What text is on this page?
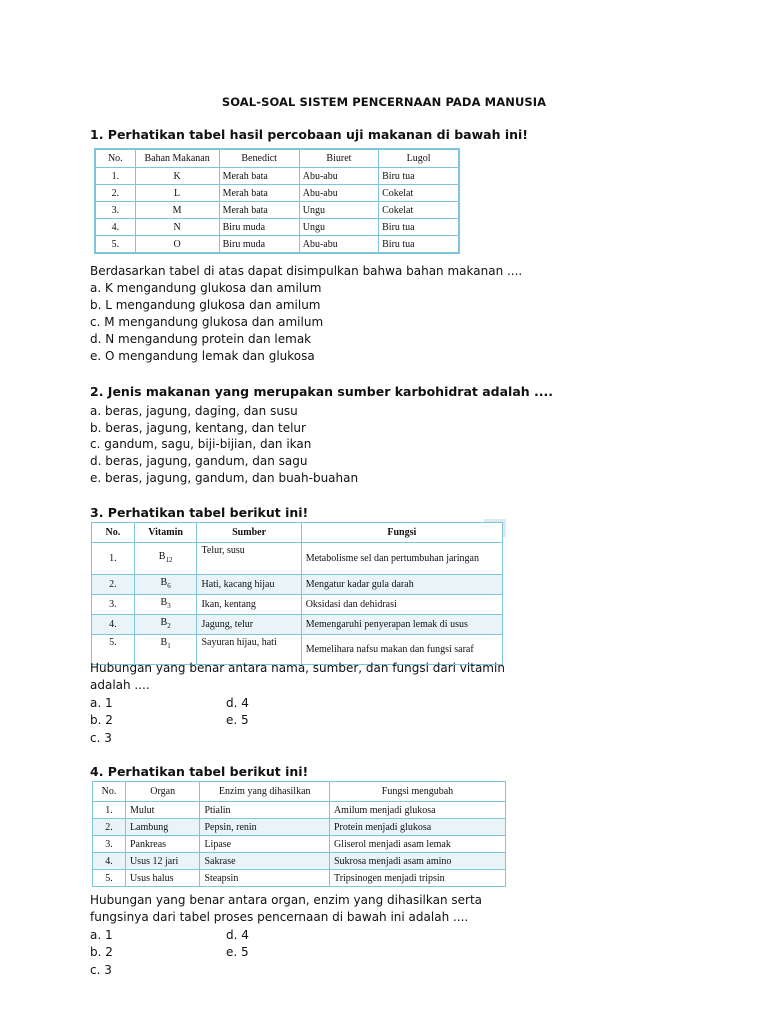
SOAL-SOAL SISTEM PENCERNAAN PADA MANUSIA
1. Perhatikan tabel hasil percobaan uji makanan di bawah ini!
No.	Bahan Makanan	Benedict	Biuret	Lugol
1.	K	Merah bata	Abu-abu	Biru tua
2.	L	Merah bata	Abu-abu	Cokelat
3.	M	Merah bata	Ungu	Cokelat
4.	N	Biru muda	Ungu	Biru tua
5.	O	Biru muda	Abu-abu	Biru tua
Berdasarkan tabel di atas dapat disimpulkan bahwa bahan makanan ....
a. K mengandung glukosa dan amilum
b. L mengandung glukosa dan amilum
c. M mengandung glukosa dan amilum
d. N mengandung protein dan lemak
e. O mengandung lemak dan glukosa
2. Jenis makanan yang merupakan sumber karbohidrat adalah ....
a. beras, jagung, daging, dan susu
b. beras, jagung, kentang, dan telur
c. gandum, sagu, biji-bijian, dan ikan
d. beras, jagung, gandum, dan sagu
e. beras, jagung, gandum, dan buah-buahan
3. Perhatikan tabel berikut ini!
No.	Vitamin	Sumber	Fungsi
1.	$B_{12}$	Telur, susu	Metabolisme sel dan pertumbuhan jaringan
2.	$B_6$	Hati, kacang hijau	Mengatur kadar gula darah
3.	$B_3$	Ikan, kentang	Oksidasi dan dehidrasi
4.	$B_2$	Jagung, telur	Memengaruhi penyerapan lemak di usus
5.	$B_1$	Sayuran hijau, hati	Memelihara nafsu makan dan fungsi saraf
Hubungan yang benar antara nama, sumber, dan fungsi dari vitamin
adalah ....
a. 1	d. 4
b. 2	e. 5
c. 3
4. Perhatikan tabel berikut ini!
No.	Organ	Enzim yang dihasilkan	Fungsi mengubah
1.	Mulut	Ptialin	Amilum menjadi glukosa
2.	Lambung	Pepsin, renin	Protein menjadi glukosa
3.	Pankreas	Lipase	Gliserol menjadi asam lemak
4.	Usus 12 jari	Sakrase	Sukrosa menjadi asam amino
5.	Usus halus	Steapsin	Tripsinogen menjadi tripsin
Hubungan yang benar antara organ, enzim yang dihasilkan serta
fungsinya dari tabel proses pencernaan di bawah ini adalah ....
a. 1	d. 4
b. 2	e. 5
c. 3
